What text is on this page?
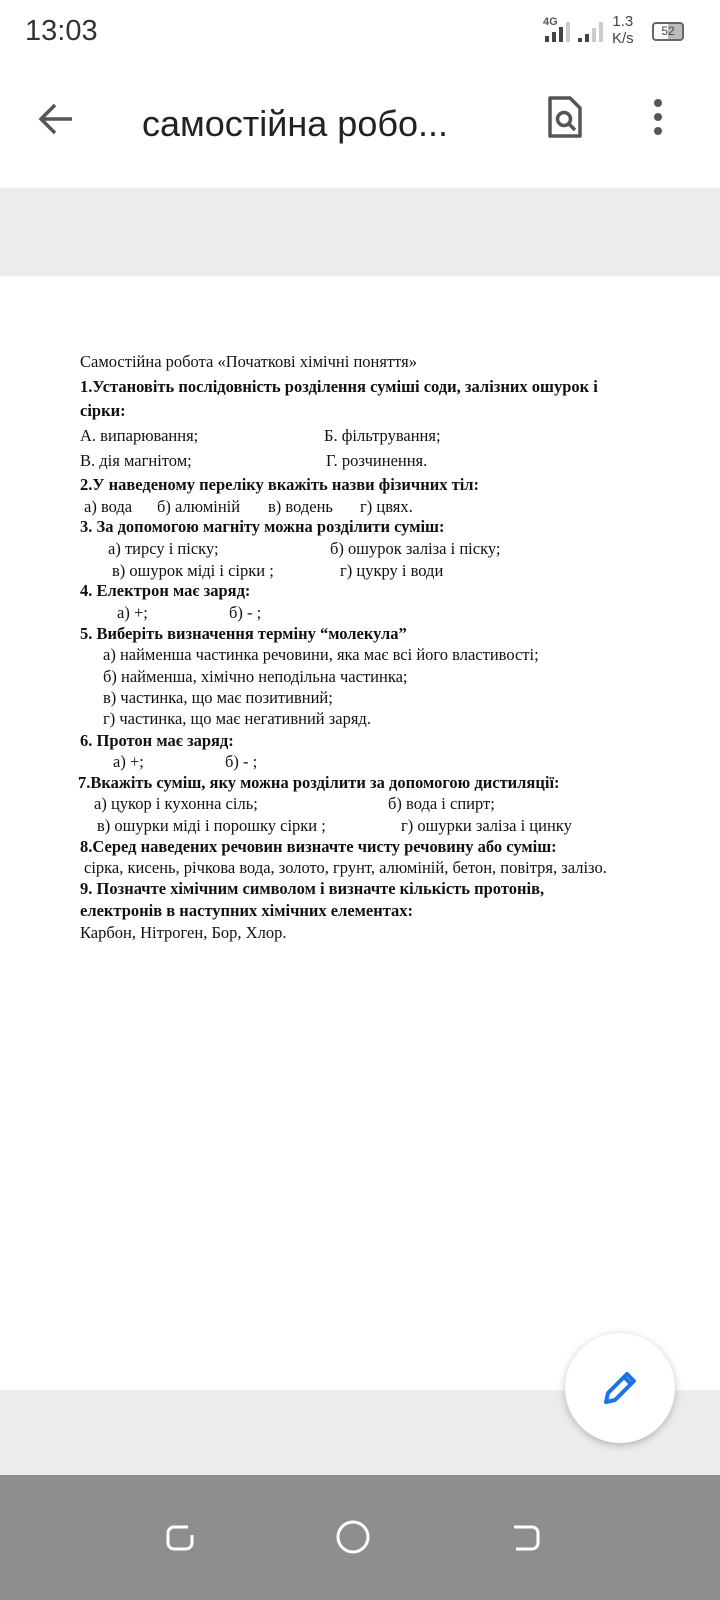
13:03	4G	1.3
K/s	52
самостійна робо...
Самостійна робота «Початкові хімічні поняття»
1.Установіть послідовність розділення суміші соди, залізних ошурок і
сірки:
А. випарювання;	Б. фільтрування;
В. дія магнітом;	Г. розчинення.
2.У наведеному переліку вкажіть назви фізичних тіл:
а) вода б) алюміній в) водень г) цвях.
3. За допомогою магніту можна розділити суміш:
а) тирсу і піску;	б) ошурок заліза і піску;
в) ошурок міді і сірки ;	г) цукру і води
4. Електрон має заряд:
а) +;	б) - ;
5. Виберіть визначення терміну “молекула”
а) найменша частинка речовини, яка має всі його властивості;
б) найменша, хімічно неподільна частинка;
в) частинка, що має позитивний;
г) частинка, що має негативний заряд.
6. Протон має заряд:
а) +;	б) - ;
7.Вкажіть суміш, яку можна розділити за допомогою дистиляції:
а) цукор і кухонна сіль;	б) вода і спирт;
в) ошурки міді і порошку сірки ;	г) ошурки заліза і цинку
8.Серед наведених речовин визначте чисту речовину або суміш:
сірка, кисень, річкова вода, золото, грунт, алюміній, бетон, повітря, залізо.
9. Позначте хімічним символом і визначте кількість протонів,
електронів в наступних хімічних елементах:
Карбон, Нітроген, Бор, Хлор.
